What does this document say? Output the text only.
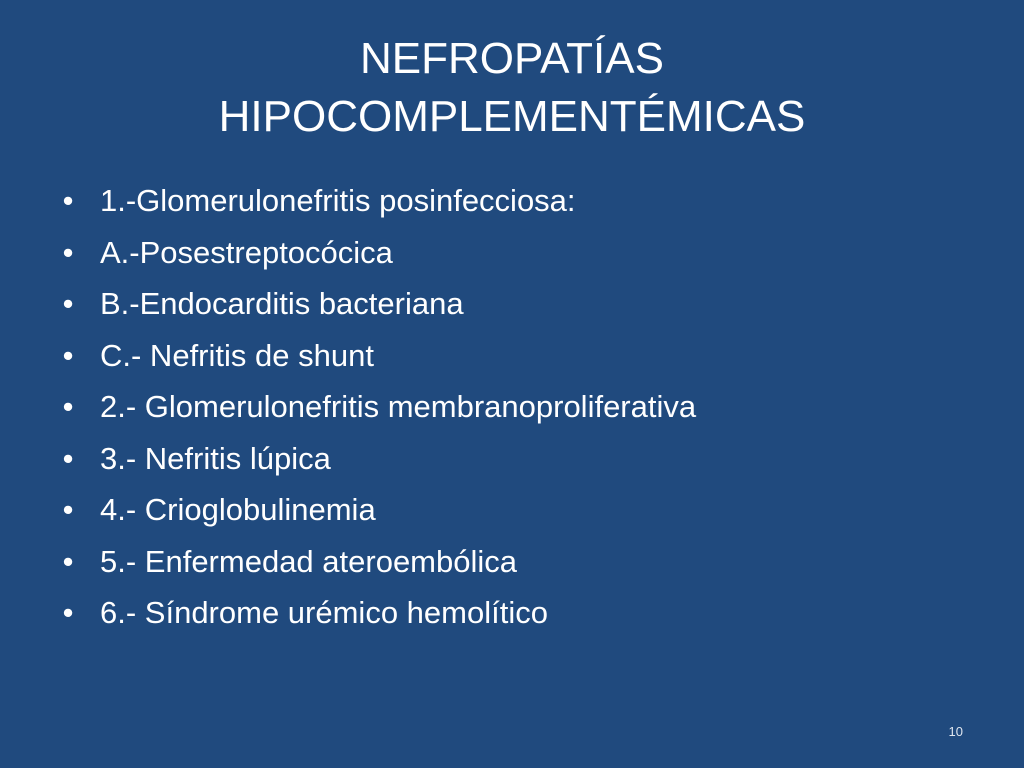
NEFROPATÍAS
HIPOCOMPLEMENTÉMICAS
• 1.-Glomerulonefritis posinfecciosa:
• A.-Posestreptocócica
• B.-Endocarditis bacteriana
• C.- Nefritis de shunt
• 2.- Glomerulonefritis membranoproliferativa
• 3.- Nefritis lúpica
• 4.- Crioglobulinemia
• 5.- Enfermedad ateroembólica
• 6.- Síndrome urémico hemolítico
10
